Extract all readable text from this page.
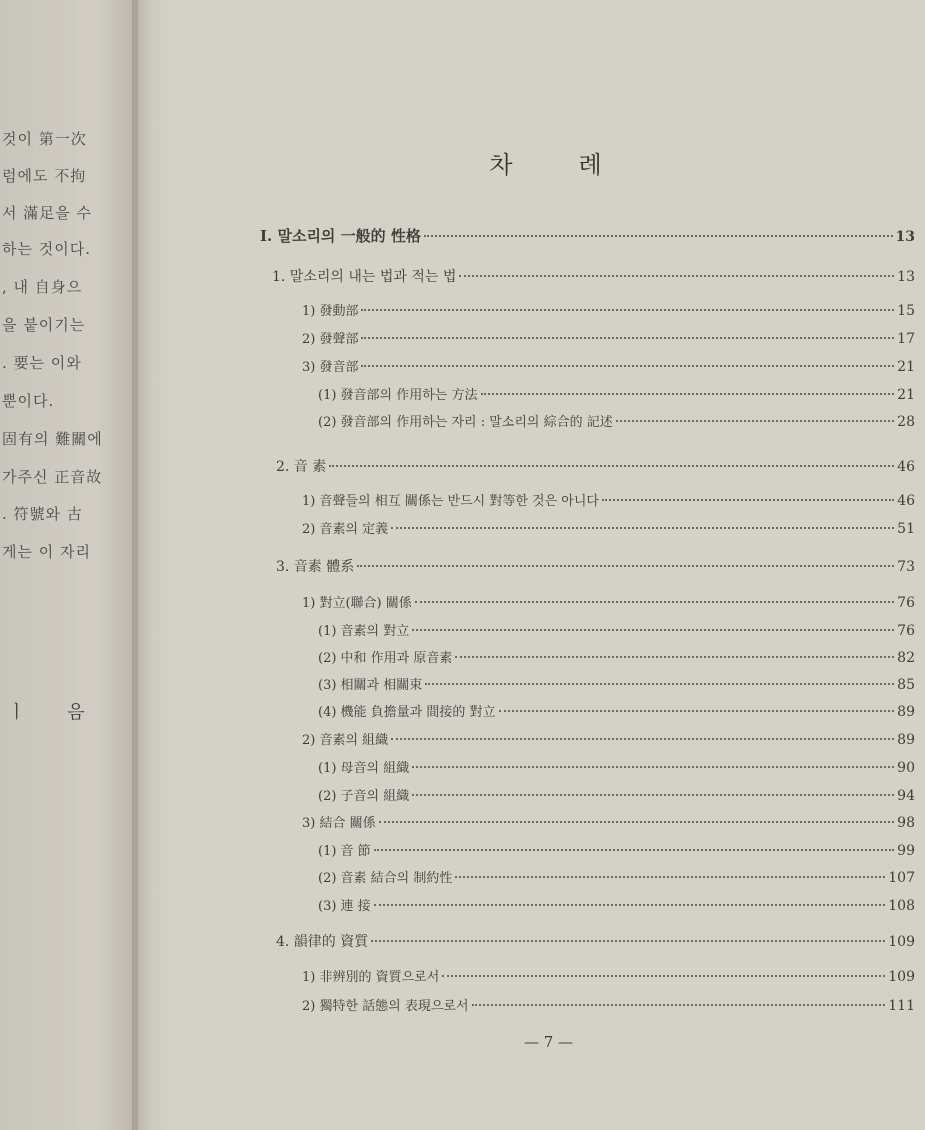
것이 第一次
럼에도 不拘
서 滿足을 수
하는 것이다.
, 내 自身으
을 붙이기는
. 要는 이와
뿐이다.
固有의 難關에
가주신 正音故
. 符號와 古
게는 이 자리
ㅣ 음
차	례
Ⅰ. 말소리의 一般的 性格	13
1. 말소리의 내는 법과 적는 법	13
1) 發動部	15
2) 發聲部	17
3) 發音部	21
(1) 發音部의 作用하는 方法	21
(2) 發音部의 作用하는 자리 : 말소리의 綜合的 記述	28
2. 音 素	46
1) 音聲들의 相互 關係는 반드시 對等한 것은 아니다	46
2) 音素의 定義	51
3. 音素 體系	73
1) 對立(聯合) 關係	76
(1) 音素의 對立	76
(2) 中和 作用과 原音素	82
(3) 相關과 相關束	85
(4) 機能 負擔量과 間接的 對立	89
2) 音素의 組織	89
(1) 母音의 組織	90
(2) 子音의 組織	94
3) 結合 關係	98
(1) 音 節	99
(2) 音素 結合의 制約性	107
(3) 連 接	108
4. 韻律的 資質	109
1) 非辨別的 資質으로서	109
2) 獨特한 話態의 表現으로서	111
— 7 —
